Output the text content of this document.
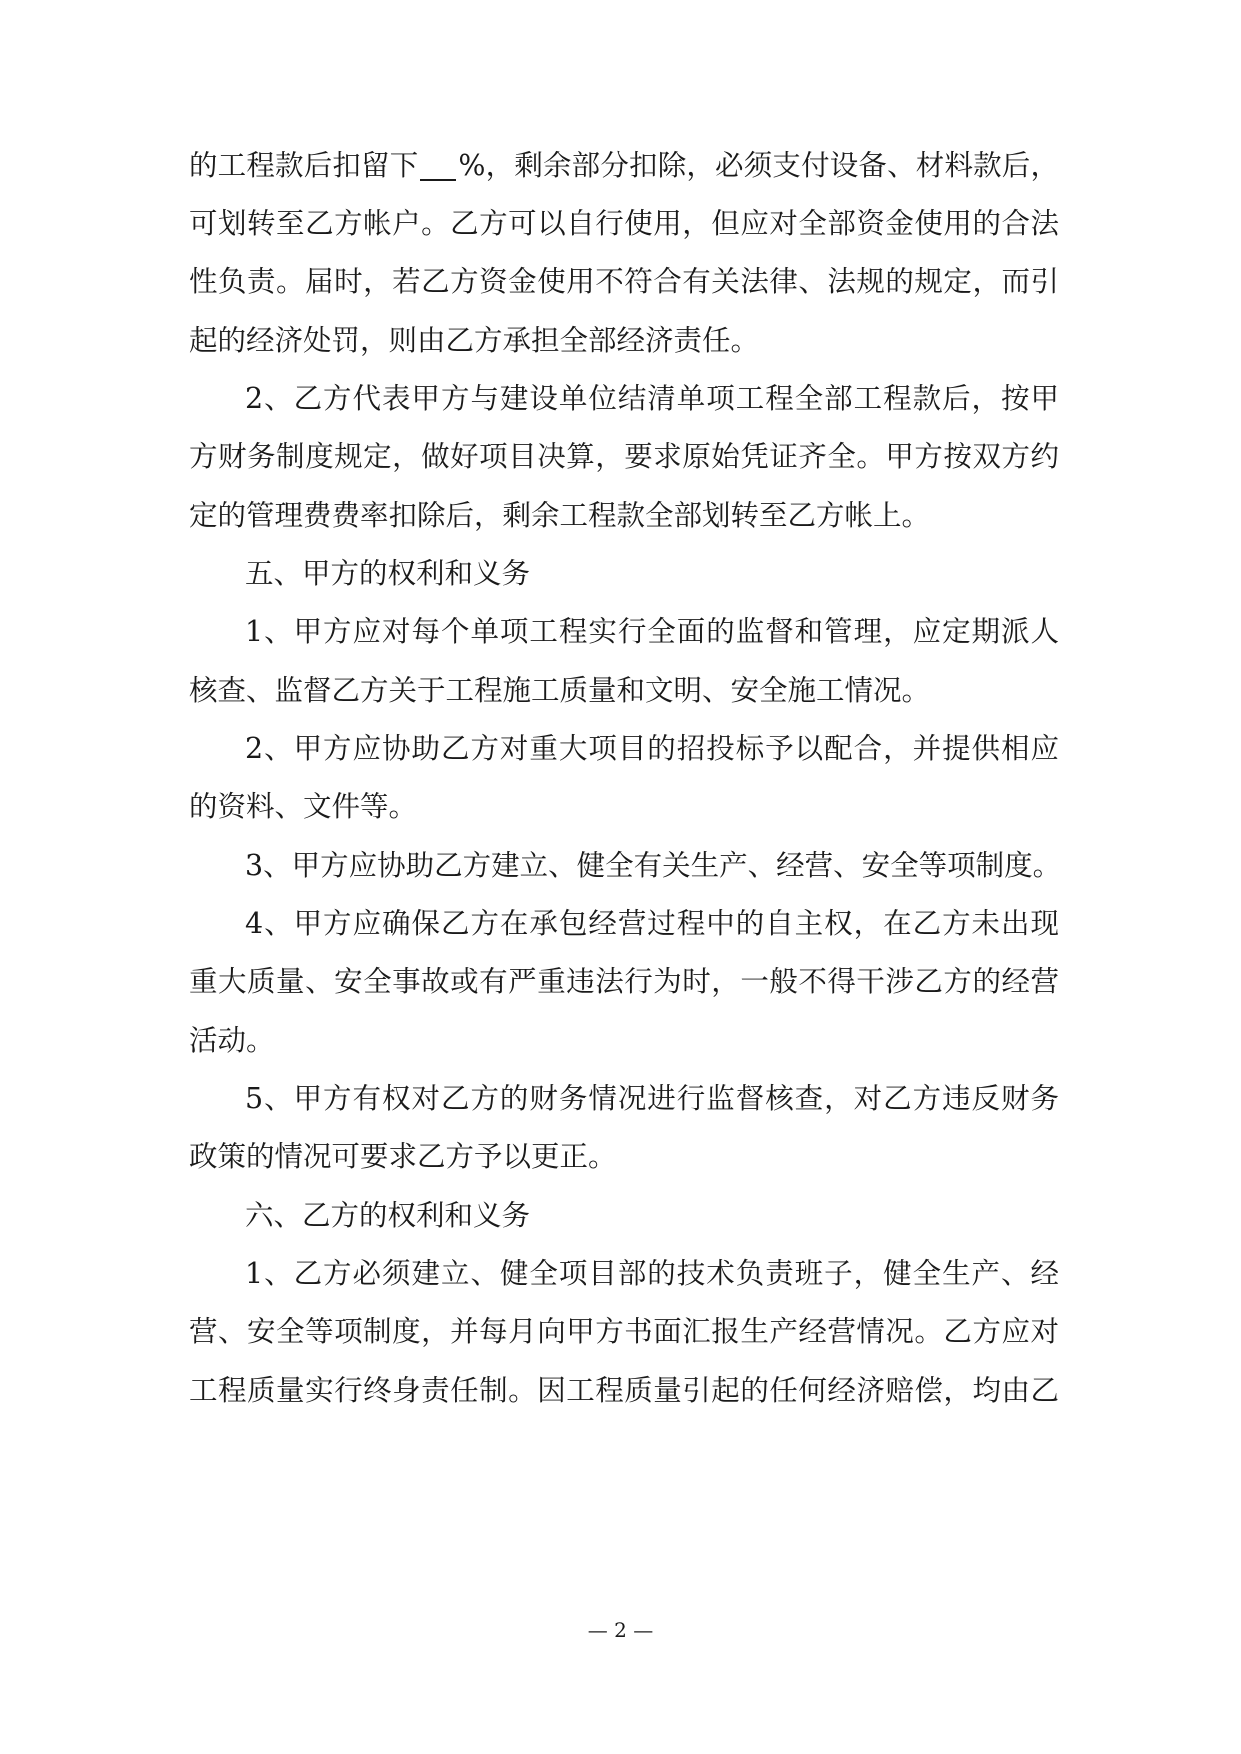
的工程款后扣留下 %，剩余部分扣除，必须支付设备、材料款后，
可划转至乙方帐户。乙方可以自行使用，但应对全部资金使用的合法
性负责。届时，若乙方资金使用不符合有关法律、法规的规定，而引
起的经济处罚，则由乙方承担全部经济责任。
2、乙方代表甲方与建设单位结清单项工程全部工程款后，按甲
方财务制度规定，做好项目决算，要求原始凭证齐全。甲方按双方约
定的管理费费率扣除后，剩余工程款全部划转至乙方帐上。
五、甲方的权利和义务
1、甲方应对每个单项工程实行全面的监督和管理，应定期派人
核查、监督乙方关于工程施工质量和文明、安全施工情况。
2、甲方应协助乙方对重大项目的招投标予以配合，并提供相应
的资料、文件等。
3、甲方应协助乙方建立、健全有关生产、经营、安全等项制度。
4、甲方应确保乙方在承包经营过程中的自主权，在乙方未出现
重大质量、安全事故或有严重违法行为时，一般不得干涉乙方的经营
活动。
5、甲方有权对乙方的财务情况进行监督核查，对乙方违反财务
政策的情况可要求乙方予以更正。
六、乙方的权利和义务
1、乙方必须建立、健全项目部的技术负责班子，健全生产、经
营、安全等项制度，并每月向甲方书面汇报生产经营情况。乙方应对
工程质量实行终身责任制。因工程质量引起的任何经济赔偿，均由乙
— 2 —
